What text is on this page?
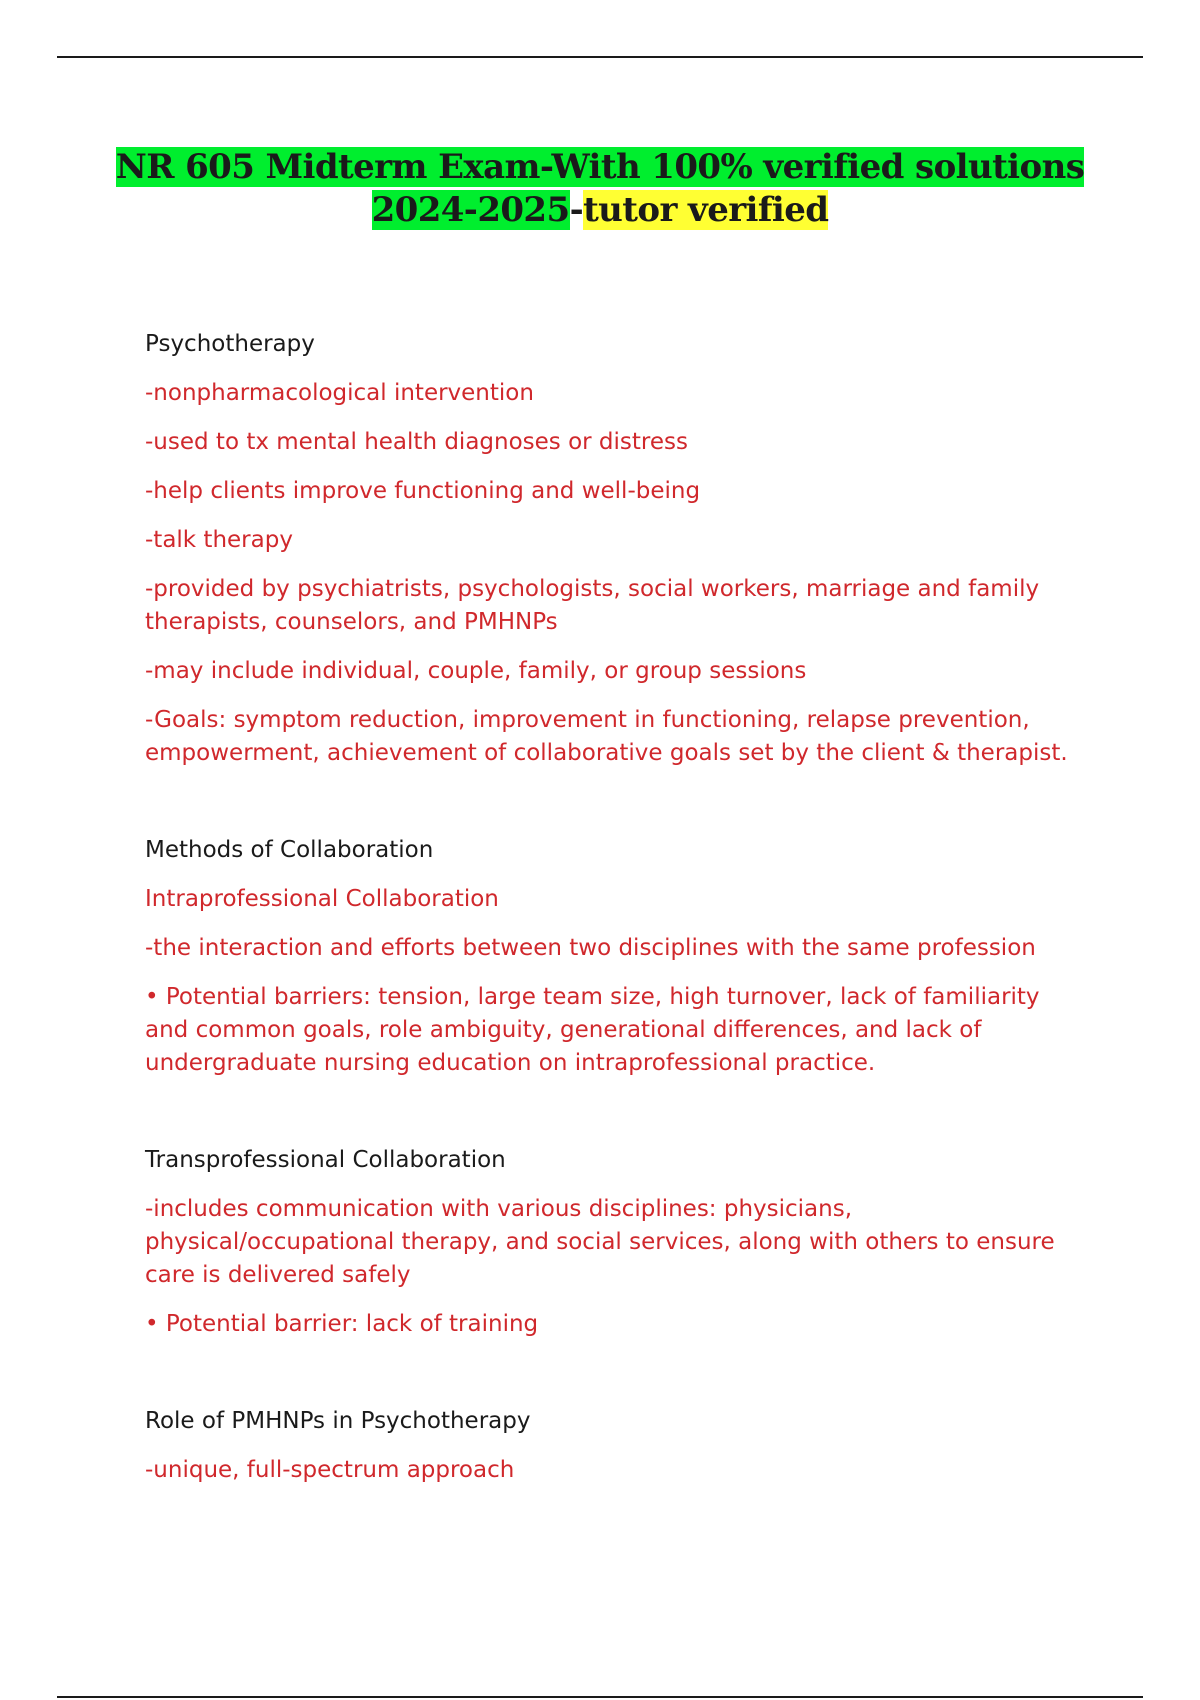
NR 605 Midterm Exam-With 100% verified solutions
2024-2025-tutor verified

Psychotherapy

-nonpharmacological intervention

-used to tx mental health diagnoses or distress

-help clients improve functioning and well-being

-talk therapy

-provided by psychiatrists, psychologists, social workers, marriage and family therapists, counselors, and PMHNPs

-may include individual, couple, family, or group sessions

-Goals: symptom reduction, improvement in functioning, relapse prevention, empowerment, achievement of collaborative goals set by the client & therapist.

Methods of Collaboration

Intraprofessional Collaboration

-the interaction and efforts between two disciplines with the same profession

• Potential barriers: tension, large team size, high turnover, lack of familiarity and common goals, role ambiguity, generational differences, and lack of undergraduate nursing education on intraprofessional practice.

Transprofessional Collaboration

-includes communication with various disciplines: physicians, physical/occupational therapy, and social services, along with others to ensure care is delivered safely

• Potential barrier: lack of training

Role of PMHNPs in Psychotherapy

-unique, full-spectrum approach
